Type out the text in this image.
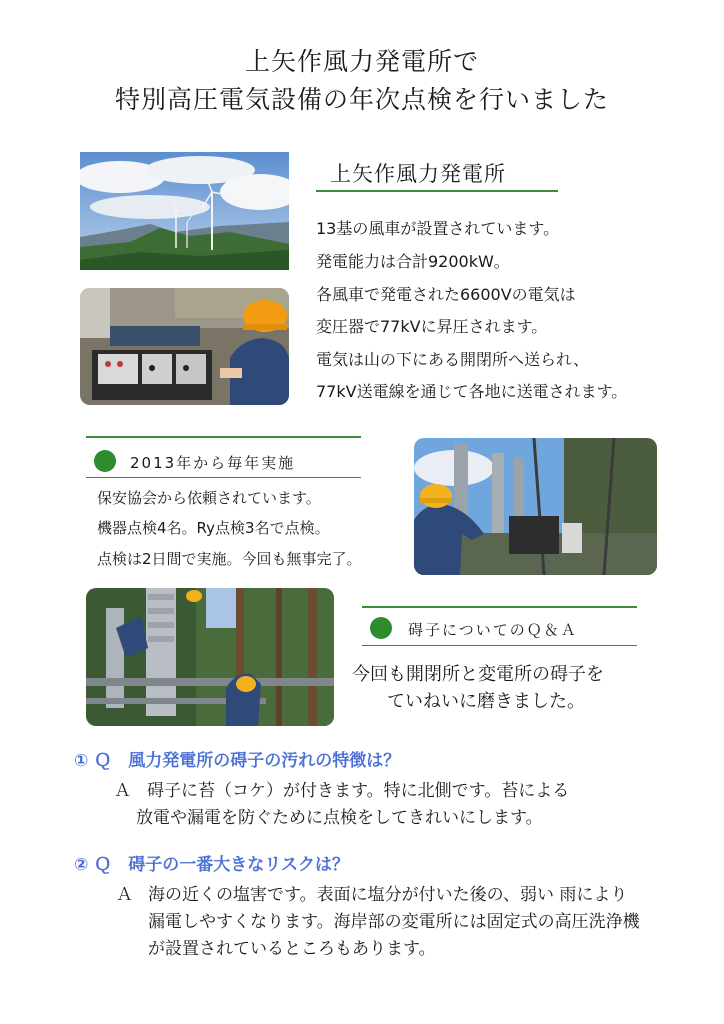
上矢作風力発電所で
特別高圧電気設備の年次点検を行いました
上矢作風力発電所
13基の風車が設置されています。
発電能力は合計9200kW。
各風車で発電された6600Vの電気は
変圧器で77kVに昇圧されます。
電気は山の下にある開閉所へ送られ、
77kV送電線を通じて各地に送電されます。
2013年から毎年実施
保安協会から依頼されています。
機器点検4名。Ry点検3名で点検。
点検は2日間で実施。今回も無事完了。
碍子についてのＱ＆Ａ
今回も開閉所と変電所の碍子を
ていねいに磨きました。
① Ｑ　風力発電所の碍子の汚れの特徴は？
Ａ 碍子に苔（コケ）が付きます。特に北側です。苔による
放電や漏電を防ぐために点検をしてきれいにします。
② Ｑ　碍子の一番大きなリスクは？
Ａ 海の近くの塩害です。表面に塩分が付いた後の、弱い 雨により
漏電しやすくなります。海岸部の変電所には固定式の高圧洗浄機
が設置されているところもあります。
